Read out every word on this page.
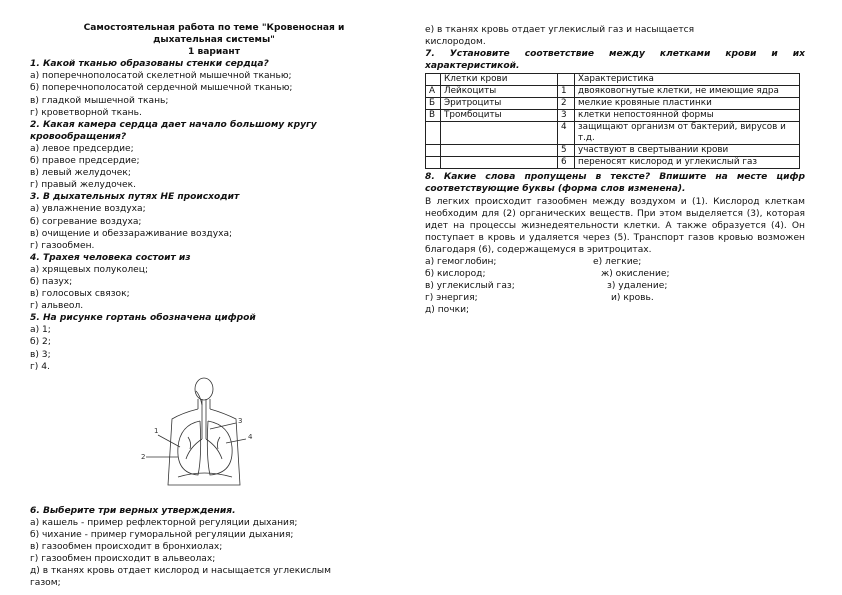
Самостоятельная работа по теме "Кровеносная и
дыхательная системы"
1 вариант
1. Какой тканью образованы стенки сердца?
а) поперечнополосатой скелетной мышечной тканью;
б) поперечнополосатой сердечной мышечной тканью;
в) гладкой мышечной ткань;
г) кроветворной ткань.
2. Какая камера сердца дает начало большому кругу
кровообращения?
а) левое предсердие;
б) правое предсердие;
в) левый желудочек;
г) правый желудочек.
3. В дыхательных путях НЕ происходит
а) увлажнение воздуха;
б) согревание воздуха;
в) очищение и обеззараживание воздуха;
г) газообмен.
4. Трахея человека состоит из
а) хрящевых полуколец;
б) пазух;
в) голосовых связок;
г) альвеол.
5. На рисунке гортань обозначена цифрой
а) 1;
б) 2;
в) 3;
г) 4.
1
2
3
4
6. Выберите три верных утверждения.
а) кашель - пример рефлекторной регуляции дыхания;
б) чихание - пример гуморальной регуляции дыхания;
в) газообмен происходит в бронхиолах;
г) газообмен происходит в альвеолах;
д) в тканях кровь отдает кислород и насыщается углекислым
газом;
е) в тканях кровь отдает углекислый газ и насыщается
кислородом.
7. Установите соответствие между клетками крови и их
характеристикой.
	Клетки крови		Характеристика
А	Лейкоциты	1	двояковогнутые клетки, не имеющие ядра
Б	Эритроциты	2	мелкие кровяные пластинки
В	Тромбоциты	3	клетки непостоянной формы
		4	защищают организм от бактерий, вирусов и т.д.
		5	участвуют в свертывании крови
		6	переносят кислород и углекислый газ
8. Какие слова пропущены в тексте? Впишите на месте цифр соответствующие буквы (форма слов изменена).
В легких происходит газообмен между воздухом и (1). Кислород клеткам необходим для (2) органических веществ. При этом выделяется (3), которая идет на процессы жизнедеятельности клетки. А также образуется (4). Он поступает в кровь и удаляется через (5). Транспорт газов кровью возможен благодаря (6), содержащемуся в эритроцитах.
а) гемоглобин;
б) кислород;
в) углекислый газ;
г) энергия;
д) почки;
е) легкие;
ж) окисление;
з) удаление;
и) кровь.
